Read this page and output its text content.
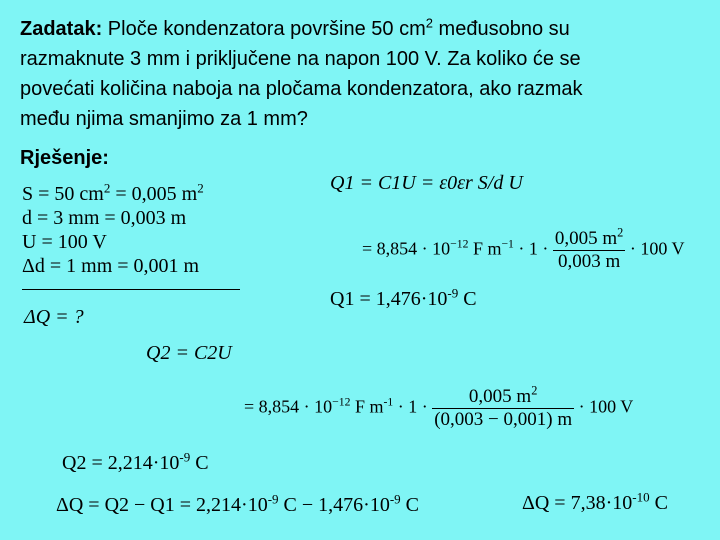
Zadatak: Ploče kondenzatora površine 50 $cm^2$ međusobno su
razmaknute 3 mm i priključene na napon 100 V. Za koliko će se
povećati količina naboja na pločama kondenzatora, ako razmak
među njima smanjimo za 1 mm?
Rješenje:
S = 50 $cm^2 = 0,005$ $m^2$
d = 3 mm = 0,003 m
U = 100 V
Δd = 1 mm = 0,001 m
ΔQ = ?
Q1 = C1U = ε0εr S/d U
= $8,854 \cdot 10^{-12}$ F $m^{-1} \cdot 1 \cdot \frac{0,005 m^2}{0,003 m} \cdot 100$ V
$Q1 = 1,476\cdot 10^{-9}$ C
Q2 = C2U
= $8,854 \cdot 10^{-12}$ F $m^{-1} \cdot 1 \cdot \frac{0,005 m^2}{(0,003 - 0,001) m} \cdot 100$ V
$Q2 = 2,214\cdot 10^{-9}$ C
$\Delta Q = Q2 - Q1 = 2,214\cdot 10^{-9}$ $C - 1,476\cdot 10^{-9}$ C	$\Delta Q = 7,38\cdot 10^{-10}$ C
